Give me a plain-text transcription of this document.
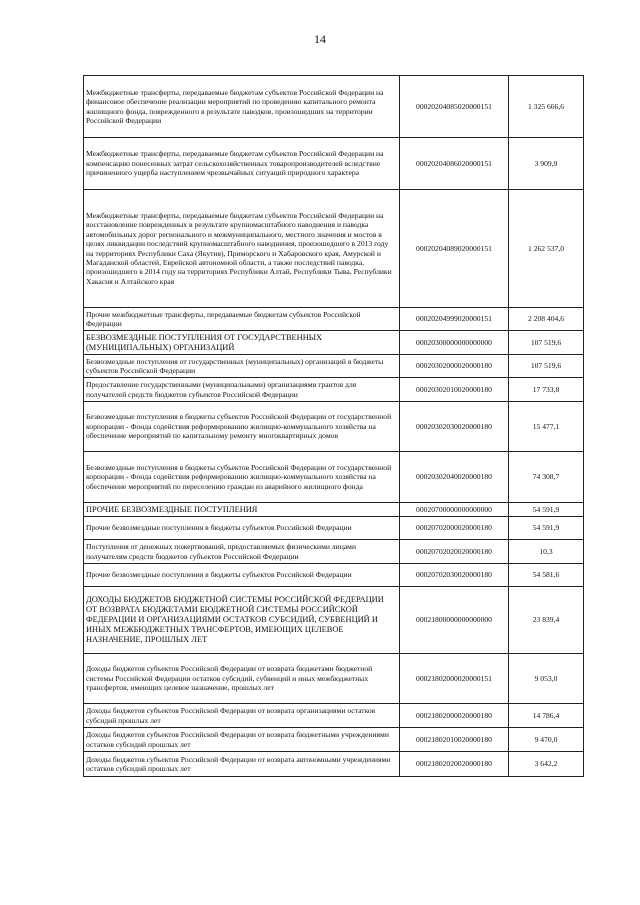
14
Межбюджетные трансферты, передаваемые бюджетам субъектов Российской Федерации на финансовое обеспечение реализации мероприятий по проведению капитального ремонта жилищного фонда, поврежденного в результате паводков, произошедших на территории Российской Федерации	00020204085020000151	1 325 666,6
Межбюджетные трансферты, передаваемые бюджетам субъектов Российской Федерации на компенсацию понесенных затрат сельскохозяйственных товаропроизводителей вследствие причиненного ущерба наступлением чрезвычайных ситуаций природного характера	00020204086020000151	3 909,9
Межбюджетные трансферты, передаваемые бюджетам субъектов Российской Федерации на восстановление поврежденных в результате крупномасштабного наводнения и паводка автомобильных дорог регионального и межмуниципального, местного значения и мостов в целях ликвидации последствий крупномасштабного наводнения, произошедшего в 2013 году на территориях Республики Саха (Якутия), Приморского и Хабаровского края, Амурской и Магаданской областей, Еврейской автономной области, а также последствий паводка, произошедшего в 2014 году на территориях Республики Алтай, Республики Тыва, Республики Хакасия и Алтайского края	00020204089020000151	1 262 537,0
Прочие межбюджетные трансферты, передаваемые бюджетам субъектов Российской Федерации	00020204999020000151	2 208 404,6
БЕЗВОЗМЕЗДНЫЕ ПОСТУПЛЕНИЯ ОТ ГОСУДАРСТВЕННЫХ (МУНИЦИПАЛЬНЫХ) ОРГАНИЗАЦИЙ	00020300000000000000	107 519,6
Безвозмездные поступления от государственных (муниципальных) организаций в бюджеты субъектов Российской Федерации	00020302000020000180	107 519,6
Предоставление государственными (муниципальными) организациями грантов для получателей средств бюджетов субъектов Российской Федерации	00020302010020000180	17 733,8
Безвозмездные поступления в бюджеты субъектов Российской Федерации от государственной корпорации - Фонда содействия реформированию жилищно-коммунального хозяйства на обеспечение мероприятий по капитальному ремонту многоквартирных домов	00020302030020000180	15 477,1
Безвозмездные поступления в бюджеты субъектов Российской Федерации от государственной корпорации - Фонда содействия реформированию жилищно-коммунального хозяйства на обеспечение мероприятий по переселению граждан из аварийного жилищного фонда	00020302040020000180	74 308,7
ПРОЧИЕ БЕЗВОЗМЕЗДНЫЕ ПОСТУПЛЕНИЯ	00020700000000000000	54 591,9
Прочие безвозмездные поступления в бюджеты субъектов Российской Федерации	00020702000020000180	54 591,9
Поступления от денежных пожертвований, предоставляемых физическими лицами получателям средств бюджетов субъектов Российской Федерации	00020702020020000180	10,3
Прочие безвозмездные поступления в бюджеты субъектов Российской Федерации	00020702030020000180	54 581,6
ДОХОДЫ БЮДЖЕТОВ БЮДЖЕТНОЙ СИСТЕМЫ РОССИЙСКОЙ ФЕДЕРАЦИИ ОТ ВОЗВРАТА БЮДЖЕТАМИ БЮДЖЕТНОЙ СИСТЕМЫ РОССИЙСКОЙ ФЕДЕРАЦИИ И ОРГАНИЗАЦИЯМИ ОСТАТКОВ СУБСИДИЙ, СУБВЕНЦИЙ И ИНЫХ МЕЖБЮДЖЕТНЫХ ТРАНСФЕРТОВ, ИМЕЮЩИХ ЦЕЛЕВОЕ НАЗНАЧЕНИЕ, ПРОШЛЫХ ЛЕТ	00021800000000000000	23 839,4
Доходы бюджетов субъектов Российской Федерации от возврата бюджетами бюджетной системы Российской Федерации остатков субсидий, субвенций и иных межбюджетных трансфертов, имеющих целевое назначение, прошлых лет	00021802000020000151	9 053,0
Доходы бюджетов субъектов Российской Федерации от возврата организациями остатков субсидий прошлых лет	00021802000020000180	14 786,4
Доходы бюджетов субъектов Российской Федерации от возврата бюджетными учреждениями остатков субсидий прошлых лет	00021802010020000180	9 470,0
Доходы бюджетов субъектов Российской Федерации от возврата автономными учреждениями остатков субсидий прошлых лет	00021802020020000180	3 642,2
